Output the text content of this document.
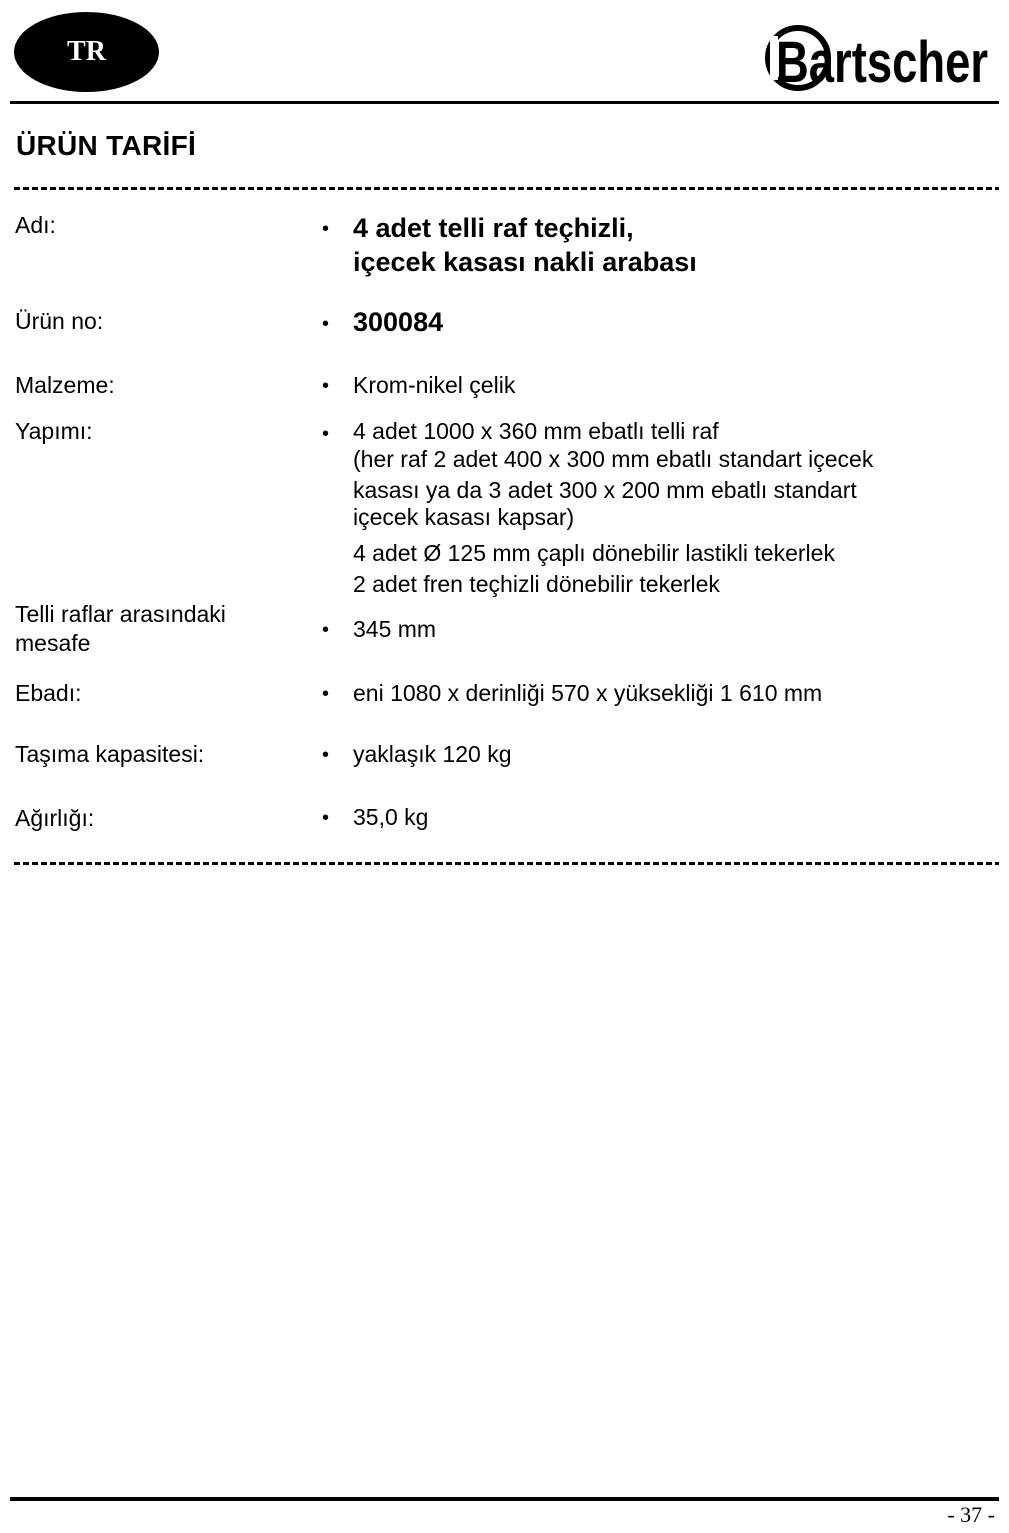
TR	Bartscher
ÜRÜN TARİFİ
Adı:	• 4 adet telli raf teçhizli,
içecek kasası nakli arabası
Ürün no:	• 300084
Malzeme:	• Krom-nikel çelik
Yapımı:	• 4 adet 1000 x 360 mm ebatlı telli raf
(her raf 2 adet 400 x 300 mm ebatlı standart içecek
kasası ya da 3 adet 300 x 200 mm ebatlı standart
içecek kasası kapsar)
4 adet Ø 125 mm çaplı dönebilir lastikli tekerlek
2 adet fren teçhizli dönebilir tekerlek
Telli raflar arasındaki
mesafe	• 345 mm
Ebadı:	• eni 1080 x derinliği 570 x yüksekliği 1 610 mm
Taşıma kapasitesi:	• yaklaşık 120 kg
Ağırlığı:	• 35,0 kg
- 37 -
